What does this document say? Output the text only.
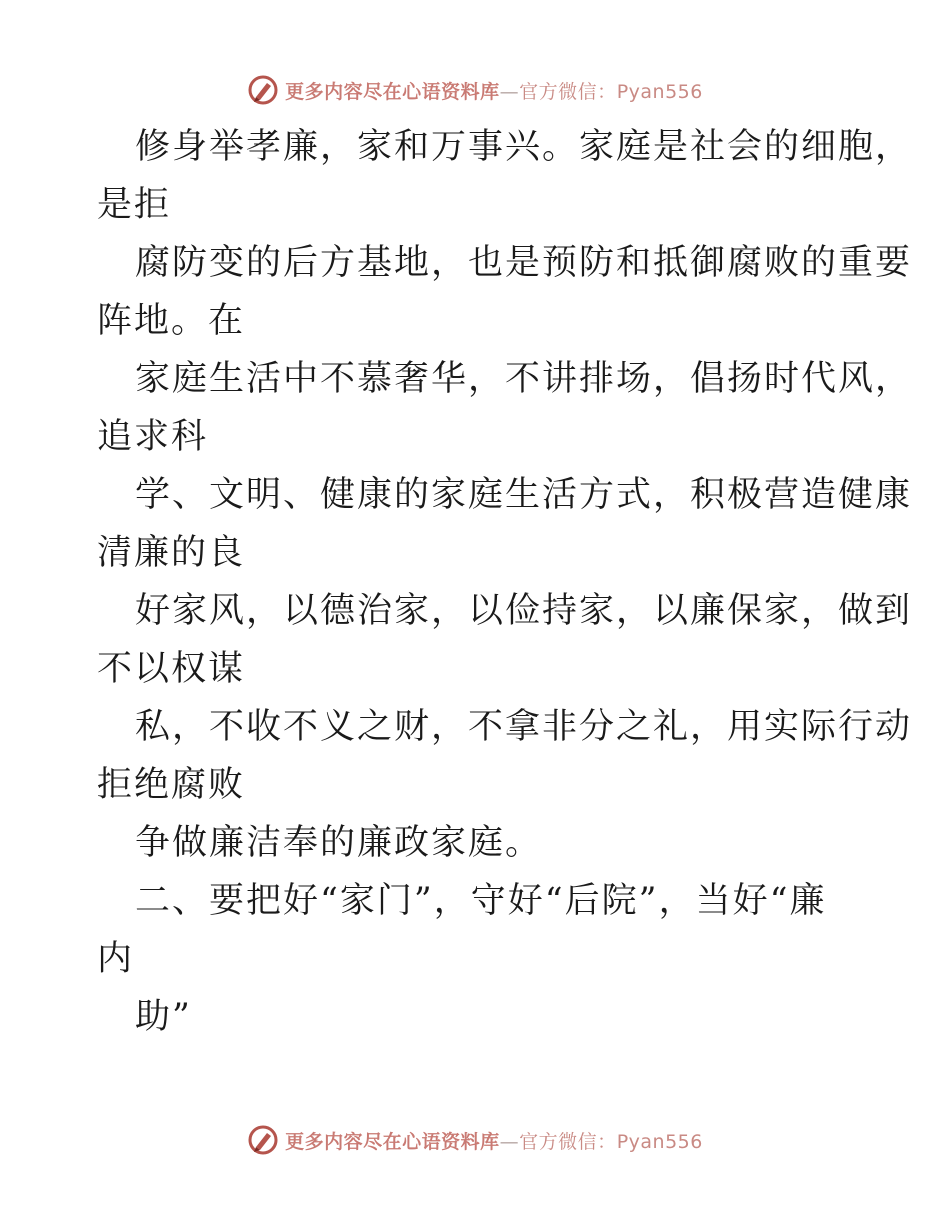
更多内容尽在心语资料库—官方微信：Pyan556
修身举孝廉，家和万事兴。家庭是社会的细胞，
是拒
腐防变的后方基地，也是预防和抵御腐败的重要
阵地。在
家庭生活中不慕奢华，不讲排场，倡扬时代风，
追求科
学、文明、健康的家庭生活方式，积极营造健康
清廉的良
好家风，以德治家，以俭持家，以廉保家，做到
不以权谋
私，不收不义之财，不拿非分之礼，用实际行动
拒绝腐败
争做廉洁奉的廉政家庭。
二、要把好“家门”，守好“后院”，当好“廉
内
助”
更多内容尽在心语资料库—官方微信：Pyan556
